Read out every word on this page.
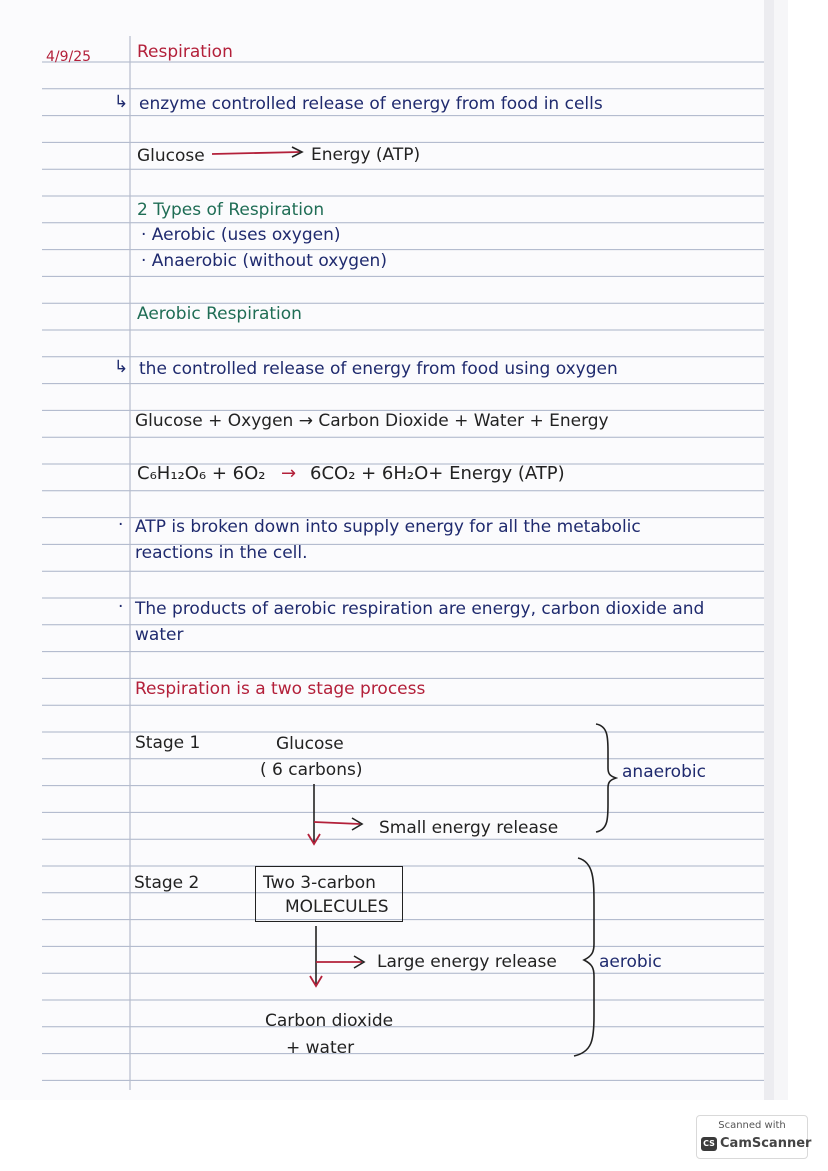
4/9/25	Respiration
↳ enzyme controlled release of energy from food in cells
Glucose	Energy (ATP)
2 Types of Respiration
· Aerobic (uses oxygen)
· Anaerobic (without oxygen)
Aerobic Respiration
↳ the controlled release of energy from food using oxygen
Glucose + Oxygen → Carbon Dioxide + Water + Energy
C₆H₁₂O₆ + 6O₂ → 6CO₂ + 6H₂O+ Energy (ATP)
· ATP is broken down into supply energy for all the metabolic
reactions in the cell.
· The products of aerobic respiration are energy, carbon dioxide and
water
Respiration is a two stage process
Stage 1	Glucose
( 6 carbons)
Small energy release
anaerobic
Stage 2	Two 3-carbon
MOLECULES
Large energy release aerobic
Carbon dioxide
+ water
Scanned with
CS CamScanner
